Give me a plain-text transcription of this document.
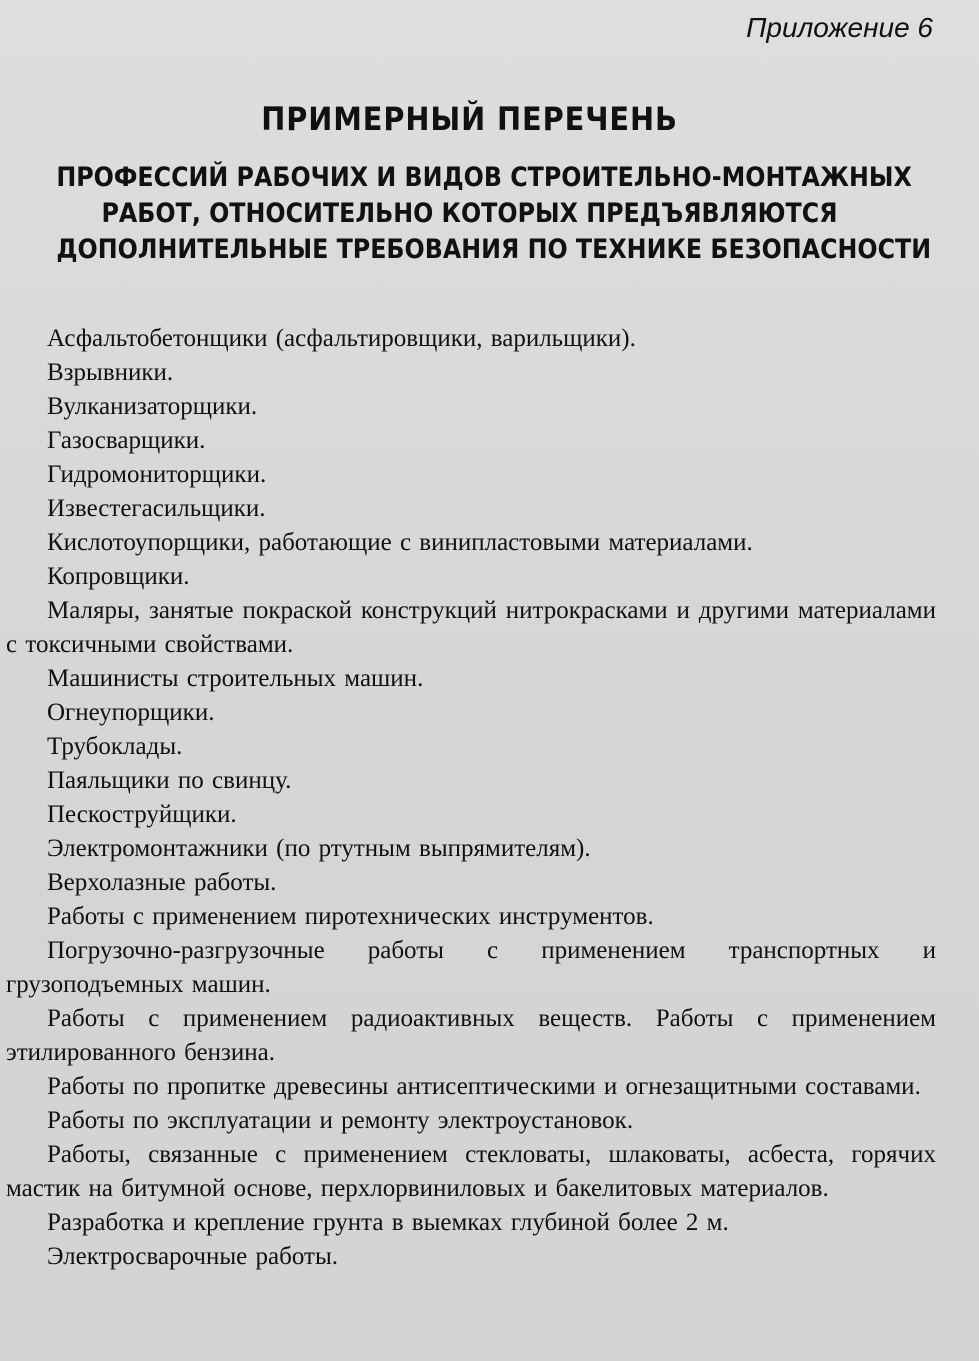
Приложение 6
ПРИМЕРНЫЙ ПЕРЕЧЕНЬ
ПРОФЕССИЙ РАБОЧИХ И ВИДОВ СТРОИТЕЛЬНО-МОНТАЖНЫХ
РАБОТ, ОТНОСИТЕЛЬНО КОТОРЫХ ПРЕДЪЯВЛЯЮТСЯ
ДОПОЛНИТЕЛЬНЫЕ ТРЕБОВАНИЯ ПО ТЕХНИКЕ БЕЗОПАСНОСТИ
Асфальтобетонщики (асфальтировщики, варильщики).
Взрывники.
Вулканизаторщики.
Газосварщики.
Гидромониторщики.
Известегасильщики.
Кислотоупорщики, работающие с винипластовыми материалами.
Копровщики.
Маляры, занятые покраской конструкций нитрокрасками и другими материалами с токсичными свойствами.
Машинисты строительных машин.
Огнеупорщики.
Трубоклады.
Паяльщики по свинцу.
Пескоструйщики.
Электромонтажники (по ртутным выпрямителям).
Верхолазные работы.
Работы с применением пиротехнических инструментов.
Погрузочно-разгрузочные работы с применением транспортных и грузоподъемных машин.
Работы с применением радиоактивных веществ. Работы с применением этилированного бензина.
Работы по пропитке древесины антисептическими и огнезащитными составами.
Работы по эксплуатации и ремонту электроустановок.
Работы, связанные с применением стекловаты, шлаковаты, асбеста, горячих мастик на битумной основе, перхлорвиниловых и бакелитовых материалов.
Разработка и крепление грунта в выемках глубиной более 2 м.
Электросварочные работы.
